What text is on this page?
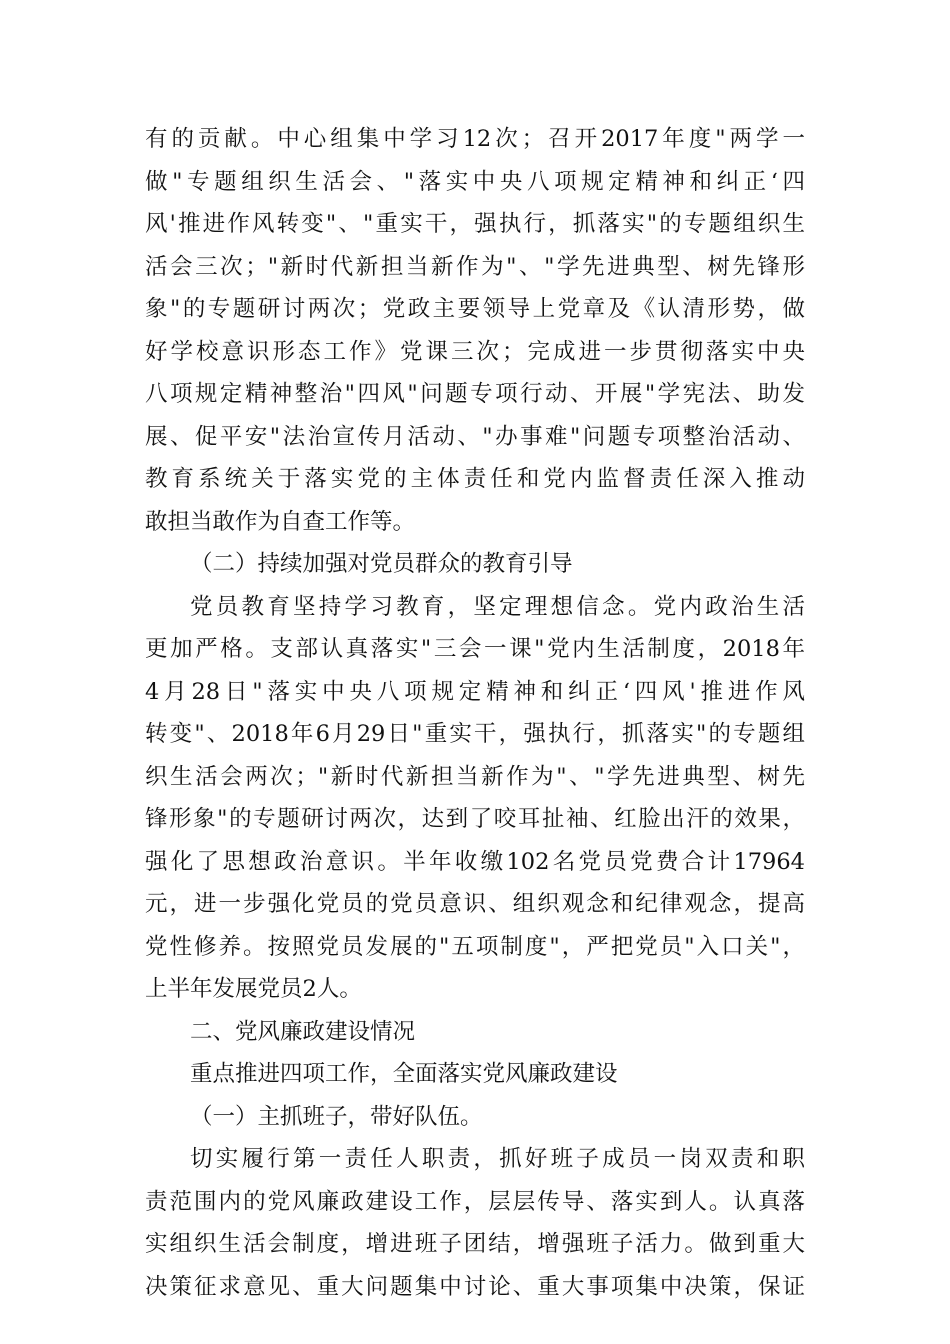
有的贡献。中心组集中学习12次；召开2017年度"两学一
做"专题组织生活会、"落实中央八项规定精神和纠正‘四
风'推进作风转变"、"重实干，强执行，抓落实"的专题组织生
活会三次；"新时代新担当新作为"、"学先进典型、树先锋形
象"的专题研讨两次；党政主要领导上党章及《认清形势，做
好学校意识形态工作》党课三次；完成进一步贯彻落实中央
八项规定精神整治"四风"问题专项行动、开展"学宪法、助发
展、促平安"法治宣传月活动、"办事难"问题专项整治活动、
教育系统关于落实党的主体责任和党内监督责任深入推动
敢担当敢作为自查工作等。
（二）持续加强对党员群众的教育引导
党员教育坚持学习教育，坚定理想信念。党内政治生活
更加严格。支部认真落实"三会一课"党内生活制度，2018年
4月28日"落实中央八项规定精神和纠正‘四风'推进作风
转变"、2018年6月29日"重实干，强执行，抓落实"的专题组
织生活会两次；"新时代新担当新作为"、"学先进典型、树先
锋形象"的专题研讨两次，达到了咬耳扯袖、红脸出汗的效果，
强化了思想政治意识。半年收缴102名党员党费合计17964
元，进一步强化党员的党员意识、组织观念和纪律观念，提高
党性修养。按照党员发展的"五项制度"，严把党员"入口关"，
上半年发展党员2人。
二、党风廉政建设情况
重点推进四项工作，全面落实党风廉政建设
（一）主抓班子，带好队伍。
切实履行第一责任人职责，抓好班子成员一岗双责和职
责范围内的党风廉政建设工作，层层传导、落实到人。认真落
实组织生活会制度，增进班子团结，增强班子活力。做到重大
决策征求意见、重大问题集中讨论、重大事项集中决策，保证
